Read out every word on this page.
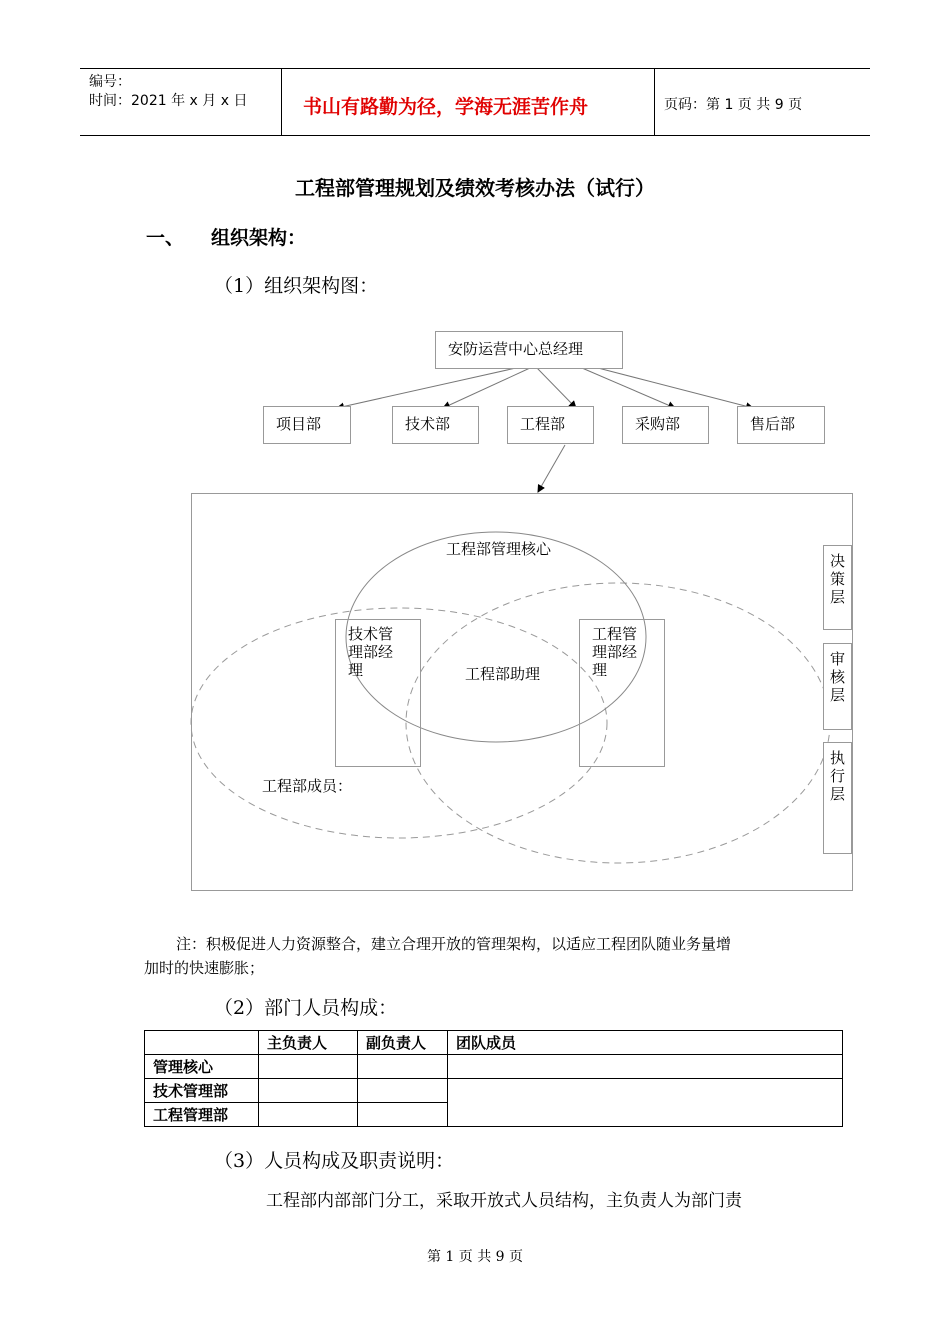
编号：
时间：2021 年 x 月 x 日	书山有路勤为径，学海无涯苦作舟	页码：第 1 页 共 9 页
工程部管理规划及绩效考核办法（试行）
一、 组织架构：
（1）组织架构图：
安防运营中心总经理
项目部	技术部	工程部	采购部	售后部
工程部管理核心
技术管
理部经
理
工程管
理部经
理
工程部助理
工程部成员：
决
策
层
审
核
层
执
行
层
注：积极促进人力资源整合，建立合理开放的管理架构，以适应工程团队随业务量增
加时的快速膨胀；
（2）部门人员构成：
	主负责人	副负责人	团队成员
管理核心			
技术管理部			
工程管理部			
（3）人员构成及职责说明：
工程部内部部门分工，采取开放式人员结构，主负责人为部门责
第 1 页 共 9 页
